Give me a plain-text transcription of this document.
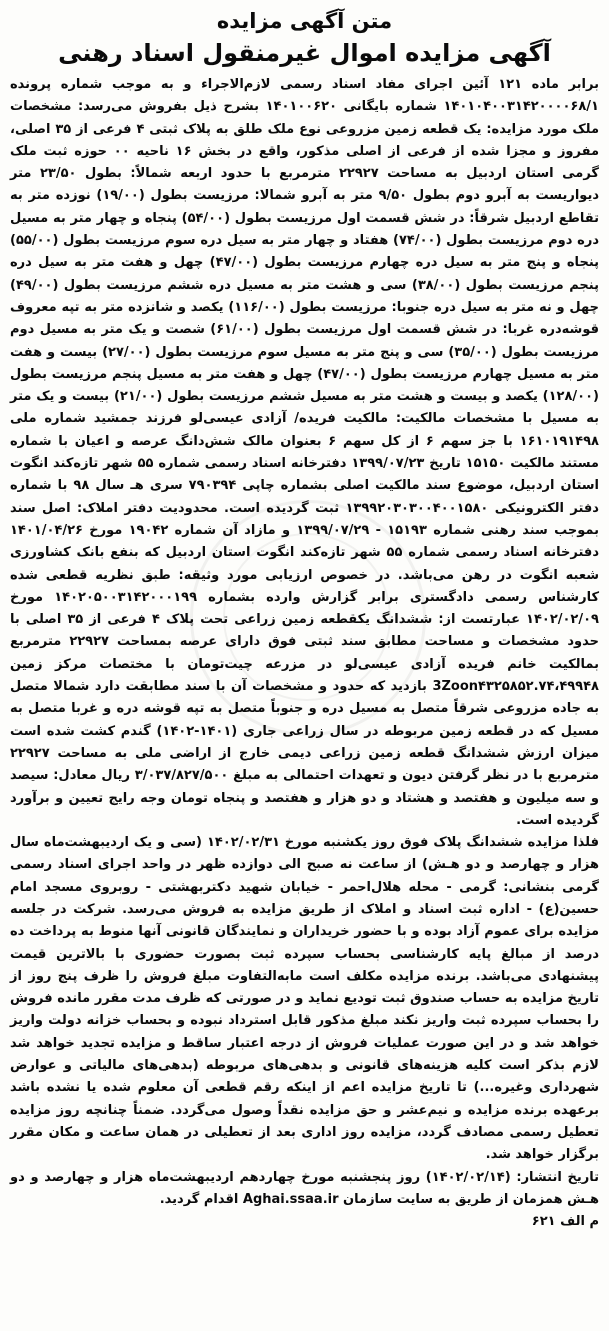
متن آگهی مزایده
آگهی مزایده اموال غیرمنقول اسناد رهنی

برابر ماده ۱۲۱ آئین اجرای مفاد اسناد رسمی لازم‌الاجراء و به موجب شماره پرونده ۱۴۰۱۰۴۰۰۳۱۴۲۰۰۰۰۶۸/۱ شماره بایگانی ۱۴۰۱۰۰۶۲۰ بشرح ذیل بفروش می‌رسد: مشخصات ملک مورد مزایده: یک قطعه زمین مزروعی نوع ملک طلق به پلاک ثبتی ۴ فرعی از ۳۵ اصلی، مفروز و مجزا شده از فرعی از اصلی مذکور، واقع در بخش ۱۶ ناحیه ۰۰ حوزه ثبت ملک گرمی استان اردبیل به مساحت ۲۲۹۲۷ مترمربع با حدود اربعه شمالاً: بطول ۲۳/۵۰ متر دیواریست به آبرو دوم بطول ۹/۵۰ متر به آبرو شمالا: مرزیست بطول (۱۹/۰۰) نوزده متر به تقاطع اردبیل شرقاً: در شش قسمت اول مرزیست بطول (۵۴/۰۰) پنجاه و چهار متر به مسیل دره دوم مرزیست بطول (۷۴/۰۰) هفتاد و چهار متر به سیل دره سوم مرزیست بطول (۵۵/۰۰) پنجاه و پنج متر به سیل دره چهارم مرزیست بطول (۴۷/۰۰) چهل و هفت متر به سیل دره پنجم مرزیست بطول (۳۸/۰۰) سی و هشت متر به مسیل دره ششم مرزیست بطول (۴۹/۰۰) چهل و نه متر به سیل دره جنوبا: مرزیست بطول (۱۱۶/۰۰) یکصد و شانزده متر به تپه معروف قوشه‌دره غربا: در شش قسمت اول مرزیست بطول (۶۱/۰۰) شصت و یک متر به مسیل دوم مرزیست بطول (۳۵/۰۰) سی و پنج متر به مسیل سوم مرزیست بطول (۲۷/۰۰) بیست و هفت متر به مسیل چهارم مرزیست بطول (۴۷/۰۰) چهل و هفت متر به مسیل پنجم مرزیست بطول (۱۲۸/۰۰) یکصد و بیست و هشت متر به مسیل ششم مرزیست بطول (۲۱/۰۰) بیست و یک متر به مسیل با مشخصات مالکیت: مالکیت فریده/ آزادی عیسی‌لو فرزند جمشید شماره ملی ۱۶۱۰۱۹۱۴۹۸ با جز سهم ۶ از کل سهم ۶ بعنوان مالک شش‌دانگ عرصه و اعیان با شماره مستند مالکیت ۱۵۱۵۰ تاریخ ۱۳۹۹/۰۷/۲۳ دفترخانه اسناد رسمی شماره ۵۵ شهر تازه‌کند انگوت استان اردبیل، موضوع سند مالکیت اصلی بشماره چاپی ۷۹۰۳۹۴ سری هـ سال ۹۸ با شماره دفتر الکترونیکی ۱۳۹۹۲۰۳۰۳۰۰۴۰۰۱۵۸۰ ثبت گردیده است. محدودیت دفتر املاک: اصل سند بموجب سند رهنی شماره ۱۵۱۹۳ - ۱۳۹۹/۰۷/۲۹ و مازاد آن شماره ۱۹۰۴۲ مورخ ۱۴۰۱/۰۴/۲۶ دفترخانه اسناد رسمی شماره ۵۵ شهر تازه‌کند انگوت استان اردبیل که بنفع بانک کشاورزی شعبه انگوت در رهن می‌باشد. در خصوص ارزیابی مورد وثیقه: طبق نظریه قطعی شده کارشناس رسمی دادگستری برابر گزارش وارده بشماره ۱۴۰۲۰۵۰۰۳۱۴۲۰۰۰۱۹۹ مورخ ۱۴۰۲/۰۲/۰۹ عبارتست از: ششدانگ یکقطعه زمین زراعی تحت پلاک ۴ فرعی از ۳۵ اصلی با حدود مشخصات و مساحت مطابق سند ثبتی فوق دارای عرصه بمساحت ۲۲۹۲۷ مترمربع بمالکیت خانم فریده آزادی عیسی‌لو در مزرعه چیت‌تومان با مختصات مرکز زمین 3Zoon۴۳۲۵۸۵۲.۷۴،۴۹۹۴۸ بازدید که حدود و مشخصات آن با سند مطابقت دارد شمالا متصل به جاده مزروعی شرقاً متصل به مسیل دره و جنوباً متصل به تپه قوشه دره و غربا متصل به مسیل که در قطعه زمین مربوطه در سال زراعی جاری (۱۴۰۱-۱۴۰۲) گندم کشت شده است میزان ارزش ششدانگ قطعه زمین زراعی دیمی خارج از اراضی ملی به مساحت ۲۲۹۲۷ مترمربع با در نظر گرفتن دیون و تعهدات احتمالی به مبلغ ۳/۰۳۷/۸۲۷/۵۰۰ ریال معادل: سیصد و سه میلیون و هفتصد و هشتاد و دو هزار و هفتصد و پنجاه تومان وجه رایج تعیین و برآورد گردیده است.

فلذا مزایده ششدانگ پلاک فوق روز یکشنبه مورخ ۱۴۰۲/۰۲/۳۱ (سی و یک اردیبهشت‌ماه سال هزار و چهارصد و دو هـش) از ساعت نه صبح الی دوازده ظهر در واحد اجرای اسناد رسمی گرمی بنشانی: گرمی - محله هلال‌احمر - خیابان شهید دکتربهشتی - روبروی مسجد امام حسین(ع) - اداره ثبت اسناد و املاک از طریق مزایده به فروش می‌رسد. شرکت در جلسه مزایده برای عموم آزاد بوده و با حضور خریداران و نمایندگان قانونی آنها منوط به پرداخت ده درصد از مبالغ پایه کارشناسی بحساب سپرده ثبت بصورت حضوری با بالاترین قیمت پیشنهادی می‌باشد. برنده مزایده مکلف است مابه‌التفاوت مبلغ فروش را ظرف پنج روز از تاریخ مزایده به حساب صندوق ثبت تودیع نماید و در صورتی که ظرف مدت مقرر مانده فروش را بحساب سپرده ثبت واریز نکند مبلغ مذکور قابل استرداد نبوده و بحساب خزانه دولت واریز خواهد شد و در این صورت عملیات فروش از درجه اعتبار ساقط و مزایده تجدید خواهد شد لازم بذکر است کلیه هزینه‌های قانونی و بدهی‌های مربوطه (بدهی‌های مالیاتی و عوارض شهرداری وغیره...) تا تاریخ مزایده اعم از اینکه رقم قطعی آن معلوم شده یا نشده باشد برعهده برنده مزایده و نیم‌عشر و حق مزایده نقداً وصول می‌گردد. ضمناً چنانچه روز مزایده تعطیل رسمی مصادف گردد، مزایده روز اداری بعد از تعطیلی در همان ساعت و مکان مقرر برگزار خواهد شد.

تاریخ انتشار: (۱۴۰۲/۰۲/۱۴) روز پنجشنبه مورخ چهاردهم اردیبهشت‌ماه هزار و چهارصد و دو هـش همزمان از طریق به سایت سازمان Aghai.ssaa.ir اقدام گردید.

م الف ۶۲۱
